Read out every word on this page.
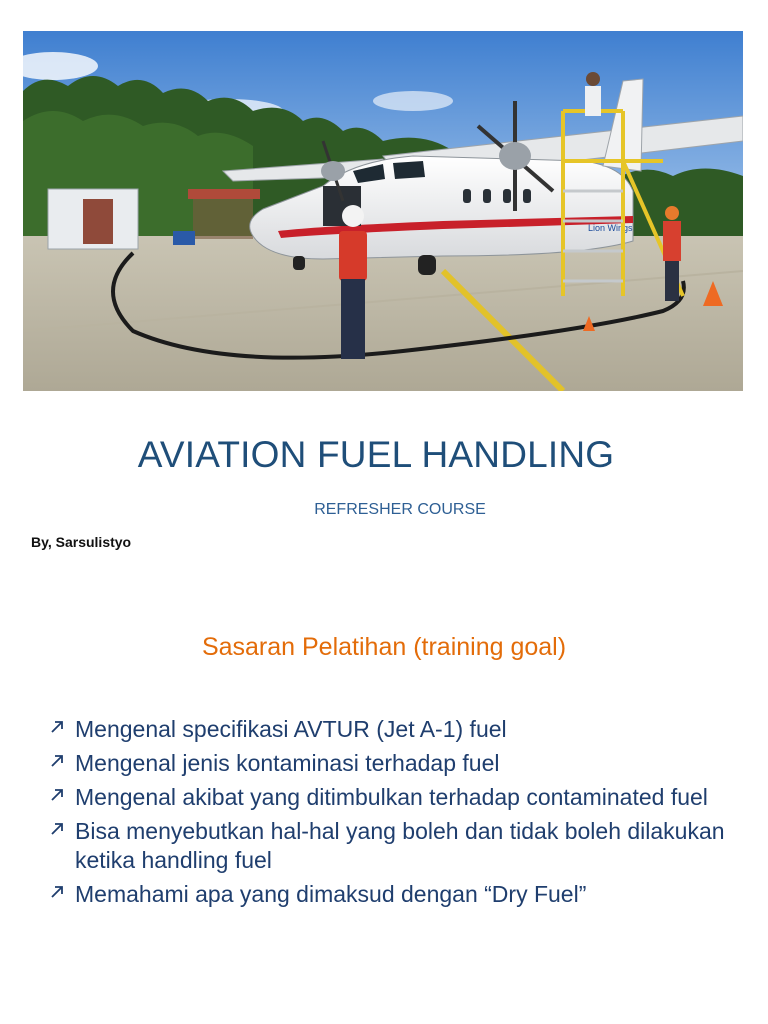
Lion Wings
AVIATION FUEL HANDLING
REFRESHER COURSE
By, Sarsulistyo
Sasaran Pelatihan (training goal)
Mengenal specifikasi AVTUR (Jet A-1) fuel
Mengenal jenis kontaminasi terhadap fuel
Mengenal akibat yang ditimbulkan terhadap contaminated fuel
Bisa menyebutkan hal-hal yang boleh dan tidak boleh dilakukan ketika handling fuel
Memahami apa yang dimaksud dengan “Dry Fuel”
